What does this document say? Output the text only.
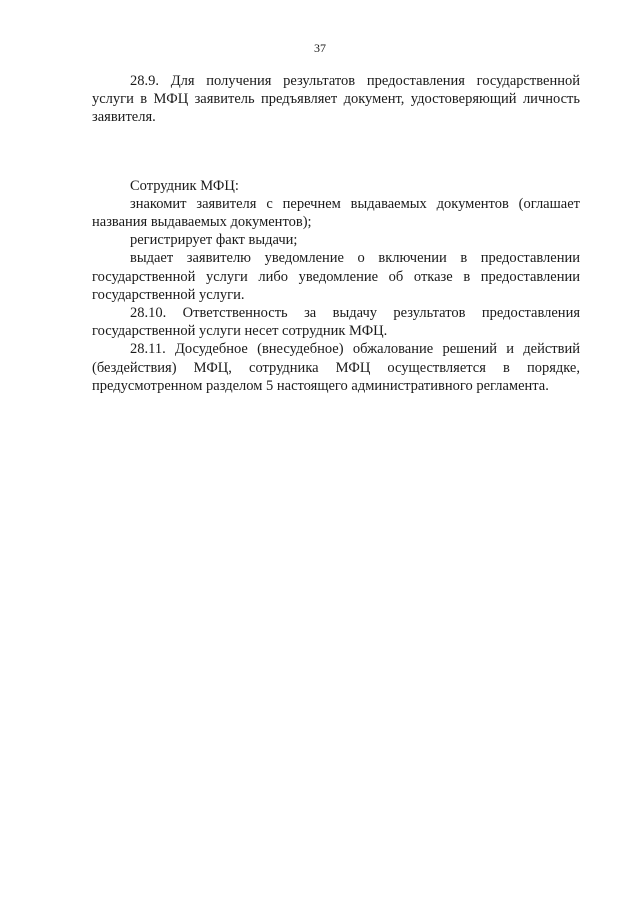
37

28.9. Для получения результатов предоставления государственной услуги в МФЦ заявитель предъявляет документ, удостоверяющий личность заявителя.

Сотрудник МФЦ:

знакомит заявителя с перечнем выдаваемых документов (оглашает названия выдаваемых документов);

регистрирует факт выдачи;

выдает заявителю уведомление о включении в предоставлении государственной услуги либо уведомление об отказе в предоставлении государственной услуги.

28.10. Ответственность за выдачу результатов предоставления государственной услуги несет сотрудник МФЦ.

28.11. Досудебное (внесудебное) обжалование решений и действий (бездействия) МФЦ, сотрудника МФЦ осуществляется в порядке, предусмотренном разделом 5 настоящего административного регламента.
